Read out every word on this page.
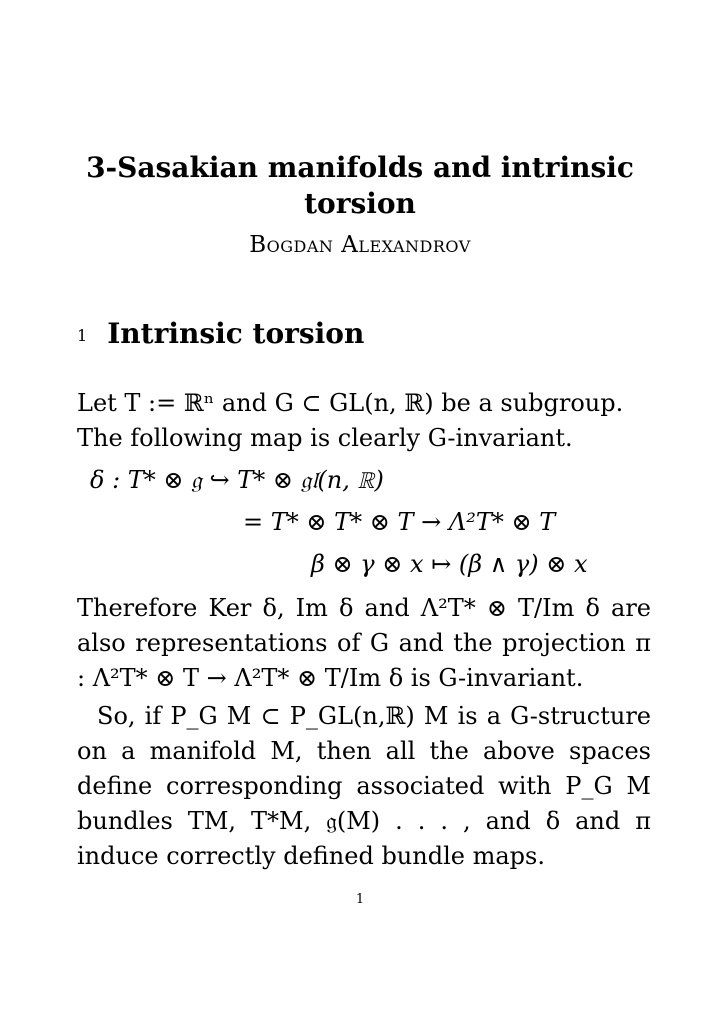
3-Sasakian manifolds and intrinsic
torsion
Bogdan Alexandrov
1 Intrinsic torsion

Let T := ℝⁿ and G ⊂ GL(n, ℝ) be a subgroup.

The following map is clearly G-invariant.

δ : T* ⊗ 𝔤 ↪ T* ⊗ 𝔤𝔩(n, ℝ)
= T* ⊗ T* ⊗ T → Λ²T* ⊗ T
β ⊗ γ ⊗ x ↦ (β ∧ γ) ⊗ x

Therefore Ker δ, Im δ and Λ²T* ⊗ T/Im δ are also representations of G and the projection π : Λ²T* ⊗ T → Λ²T* ⊗ T/Im δ is G-invariant.

So, if P_G M ⊂ P_GL(n,ℝ) M is a G-structure on a manifold M, then all the above spaces define corresponding associated with P_G M bundles TM, T*M, 𝔤(M) . . . , and δ and π induce correctly defined bundle maps.

1
